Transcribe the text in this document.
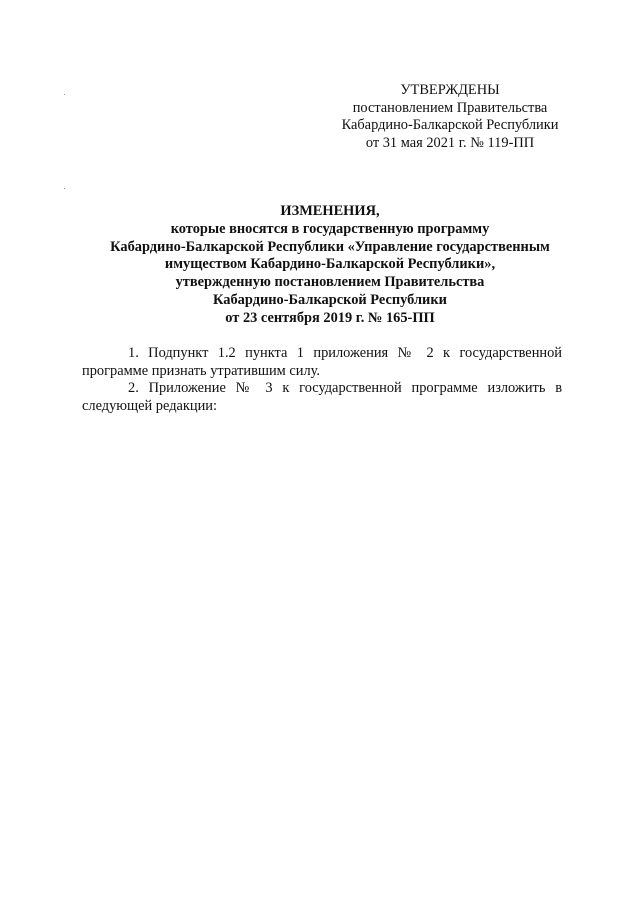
УТВЕРЖДЕНЫ
постановлением Правительства
Кабардино-Балкарской Республики
от 31 мая 2021 г. № 119-ПП
ИЗМЕНЕНИЯ,
которые вносятся в государственную программу
Кабардино-Балкарской Республики «Управление государственным
имуществом Кабардино-Балкарской Республики»,
утвержденную постановлением Правительства
Кабардино-Балкарской Республики
от 23 сентября 2019 г. № 165-ПП

1. Подпункт 1.2 пункта 1 приложения № 2 к государственной программе признать утратившим силу.

2. Приложение № 3 к государственной программе изложить в следующей редакции:
